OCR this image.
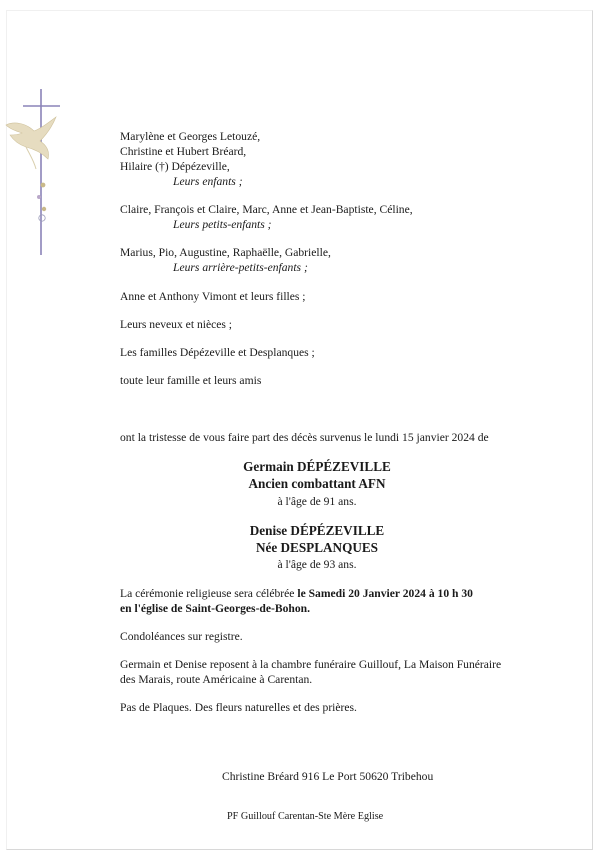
Marylène et Georges Letouzé,
Christine et Hubert Bréard,
Hilaire (†) Dépézeville,
Leurs enfants ;
Claire, François et Claire, Marc, Anne et Jean-Baptiste, Céline,
Leurs petits-enfants ;
Marius, Pio, Augustine, Raphaëlle, Gabrielle,
Leurs arrière-petits-enfants ;
Anne et Anthony Vimont et leurs filles ;
Leurs neveux et nièces ;
Les familles Dépézeville et Desplanques ;
toute leur famille et leurs amis
ont la tristesse de vous faire part des décès survenus le lundi 15 janvier 2024 de
Germain DÉPÉZEVILLE
Ancien combattant AFN
à l'âge de 91 ans.
Denise DÉPÉZEVILLE
Née DESPLANQUES
à l'âge de 93 ans.
La cérémonie religieuse sera célébrée le Samedi 20 Janvier 2024 à 10 h 30
en l'église de Saint-Georges-de-Bohon.
Condoléances sur registre.
Germain et Denise reposent à la chambre funéraire Guillouf, La Maison Funéraire
des Marais, route Américaine à Carentan.
Pas de Plaques. Des fleurs naturelles et des prières.
Christine Bréard 916 Le Port 50620 Tribehou
PF Guillouf Carentan-Ste Mère Eglise
